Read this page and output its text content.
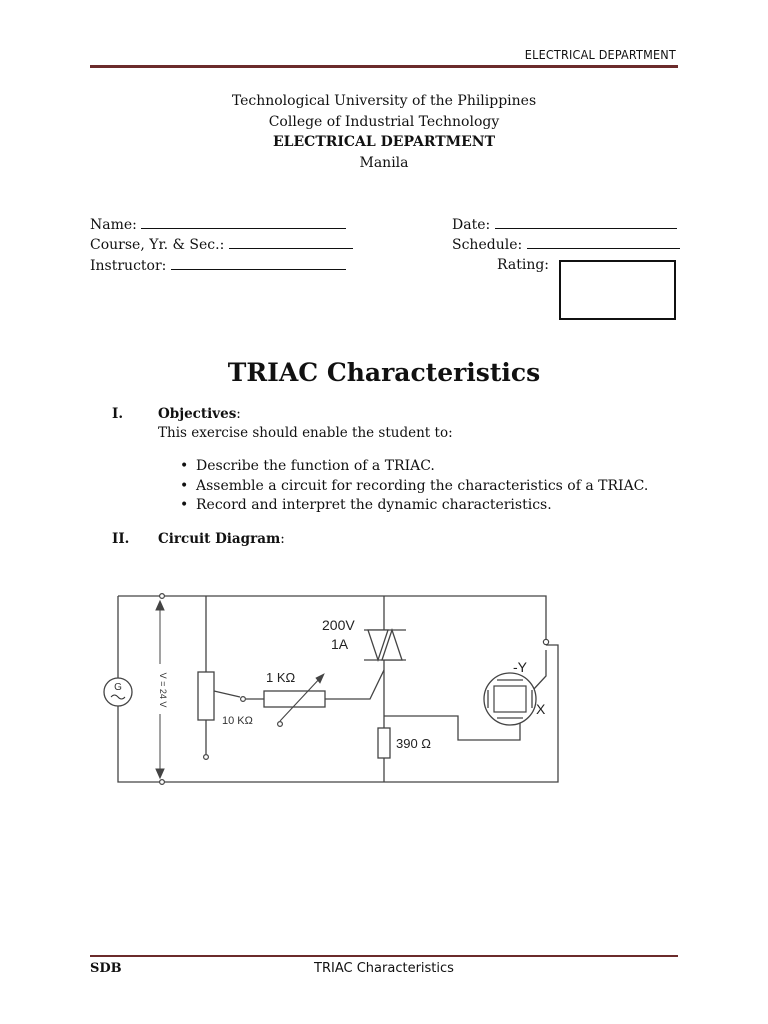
ELECTRICAL DEPARTMENT
Technological University of the Philippines
College of Industrial Technology
ELECTRICAL DEPARTMENT
Manila
Name:
Course, Yr. & Sec.:
Instructor:
Date:
Schedule:
Rating:
TRIAC Characteristics
I.	Objectives:
This exercise should enable the student to:
• Describe the function of a TRIAC.
• Assemble a circuit for recording the characteristics of a TRIAC.
• Record and interpret the dynamic characteristics.
II. Circuit Diagram:
G	V = 24 V
10 KΩ
1 KΩ
200V
1A
390 Ω
-Y
X
SDB	TRIAC Characteristics
